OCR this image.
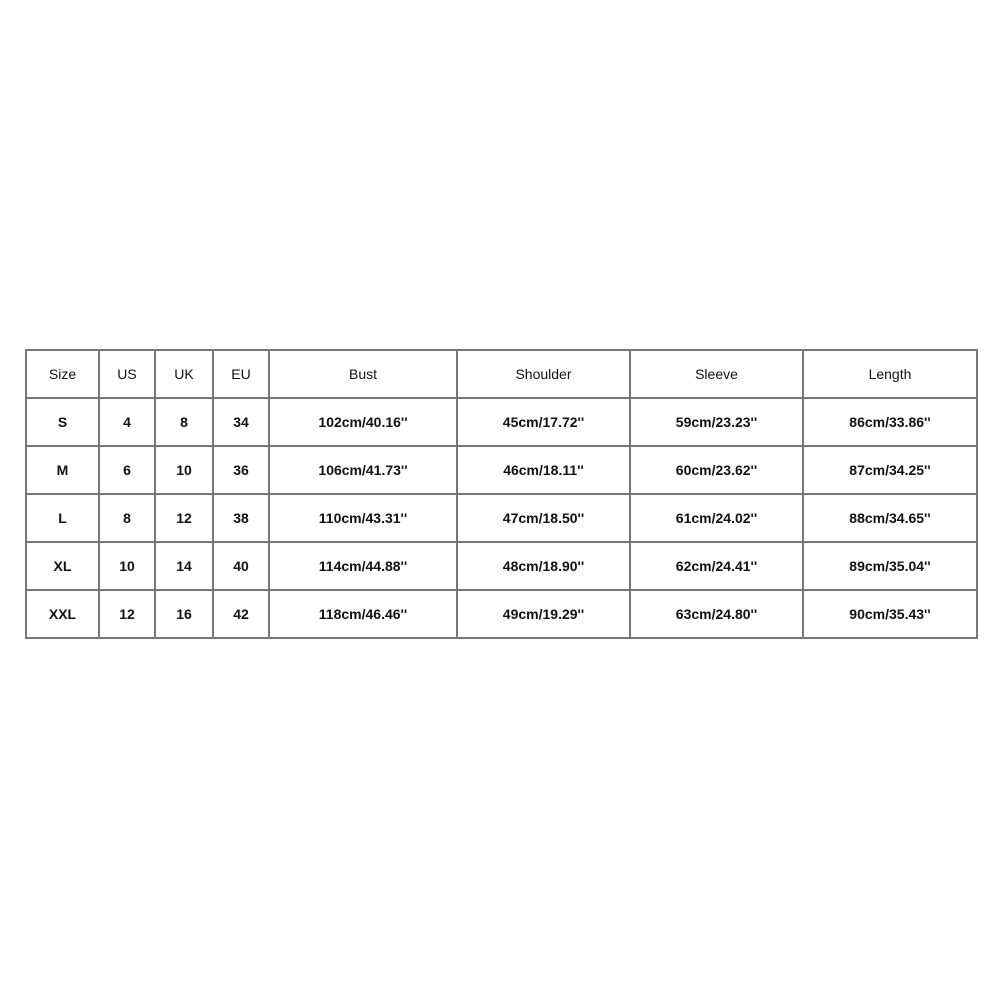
Size	US	UK	EU	Bust	Shoulder	Sleeve	Length
S	4	8	34	102cm/40.16''	45cm/17.72''	59cm/23.23''	86cm/33.86''
M	6	10	36	106cm/41.73''	46cm/18.11''	60cm/23.62''	87cm/34.25''
L	8	12	38	110cm/43.31''	47cm/18.50''	61cm/24.02''	88cm/34.65''
XL	10	14	40	114cm/44.88''	48cm/18.90''	62cm/24.41''	89cm/35.04''
XXL	12	16	42	118cm/46.46''	49cm/19.29''	63cm/24.80''	90cm/35.43''
